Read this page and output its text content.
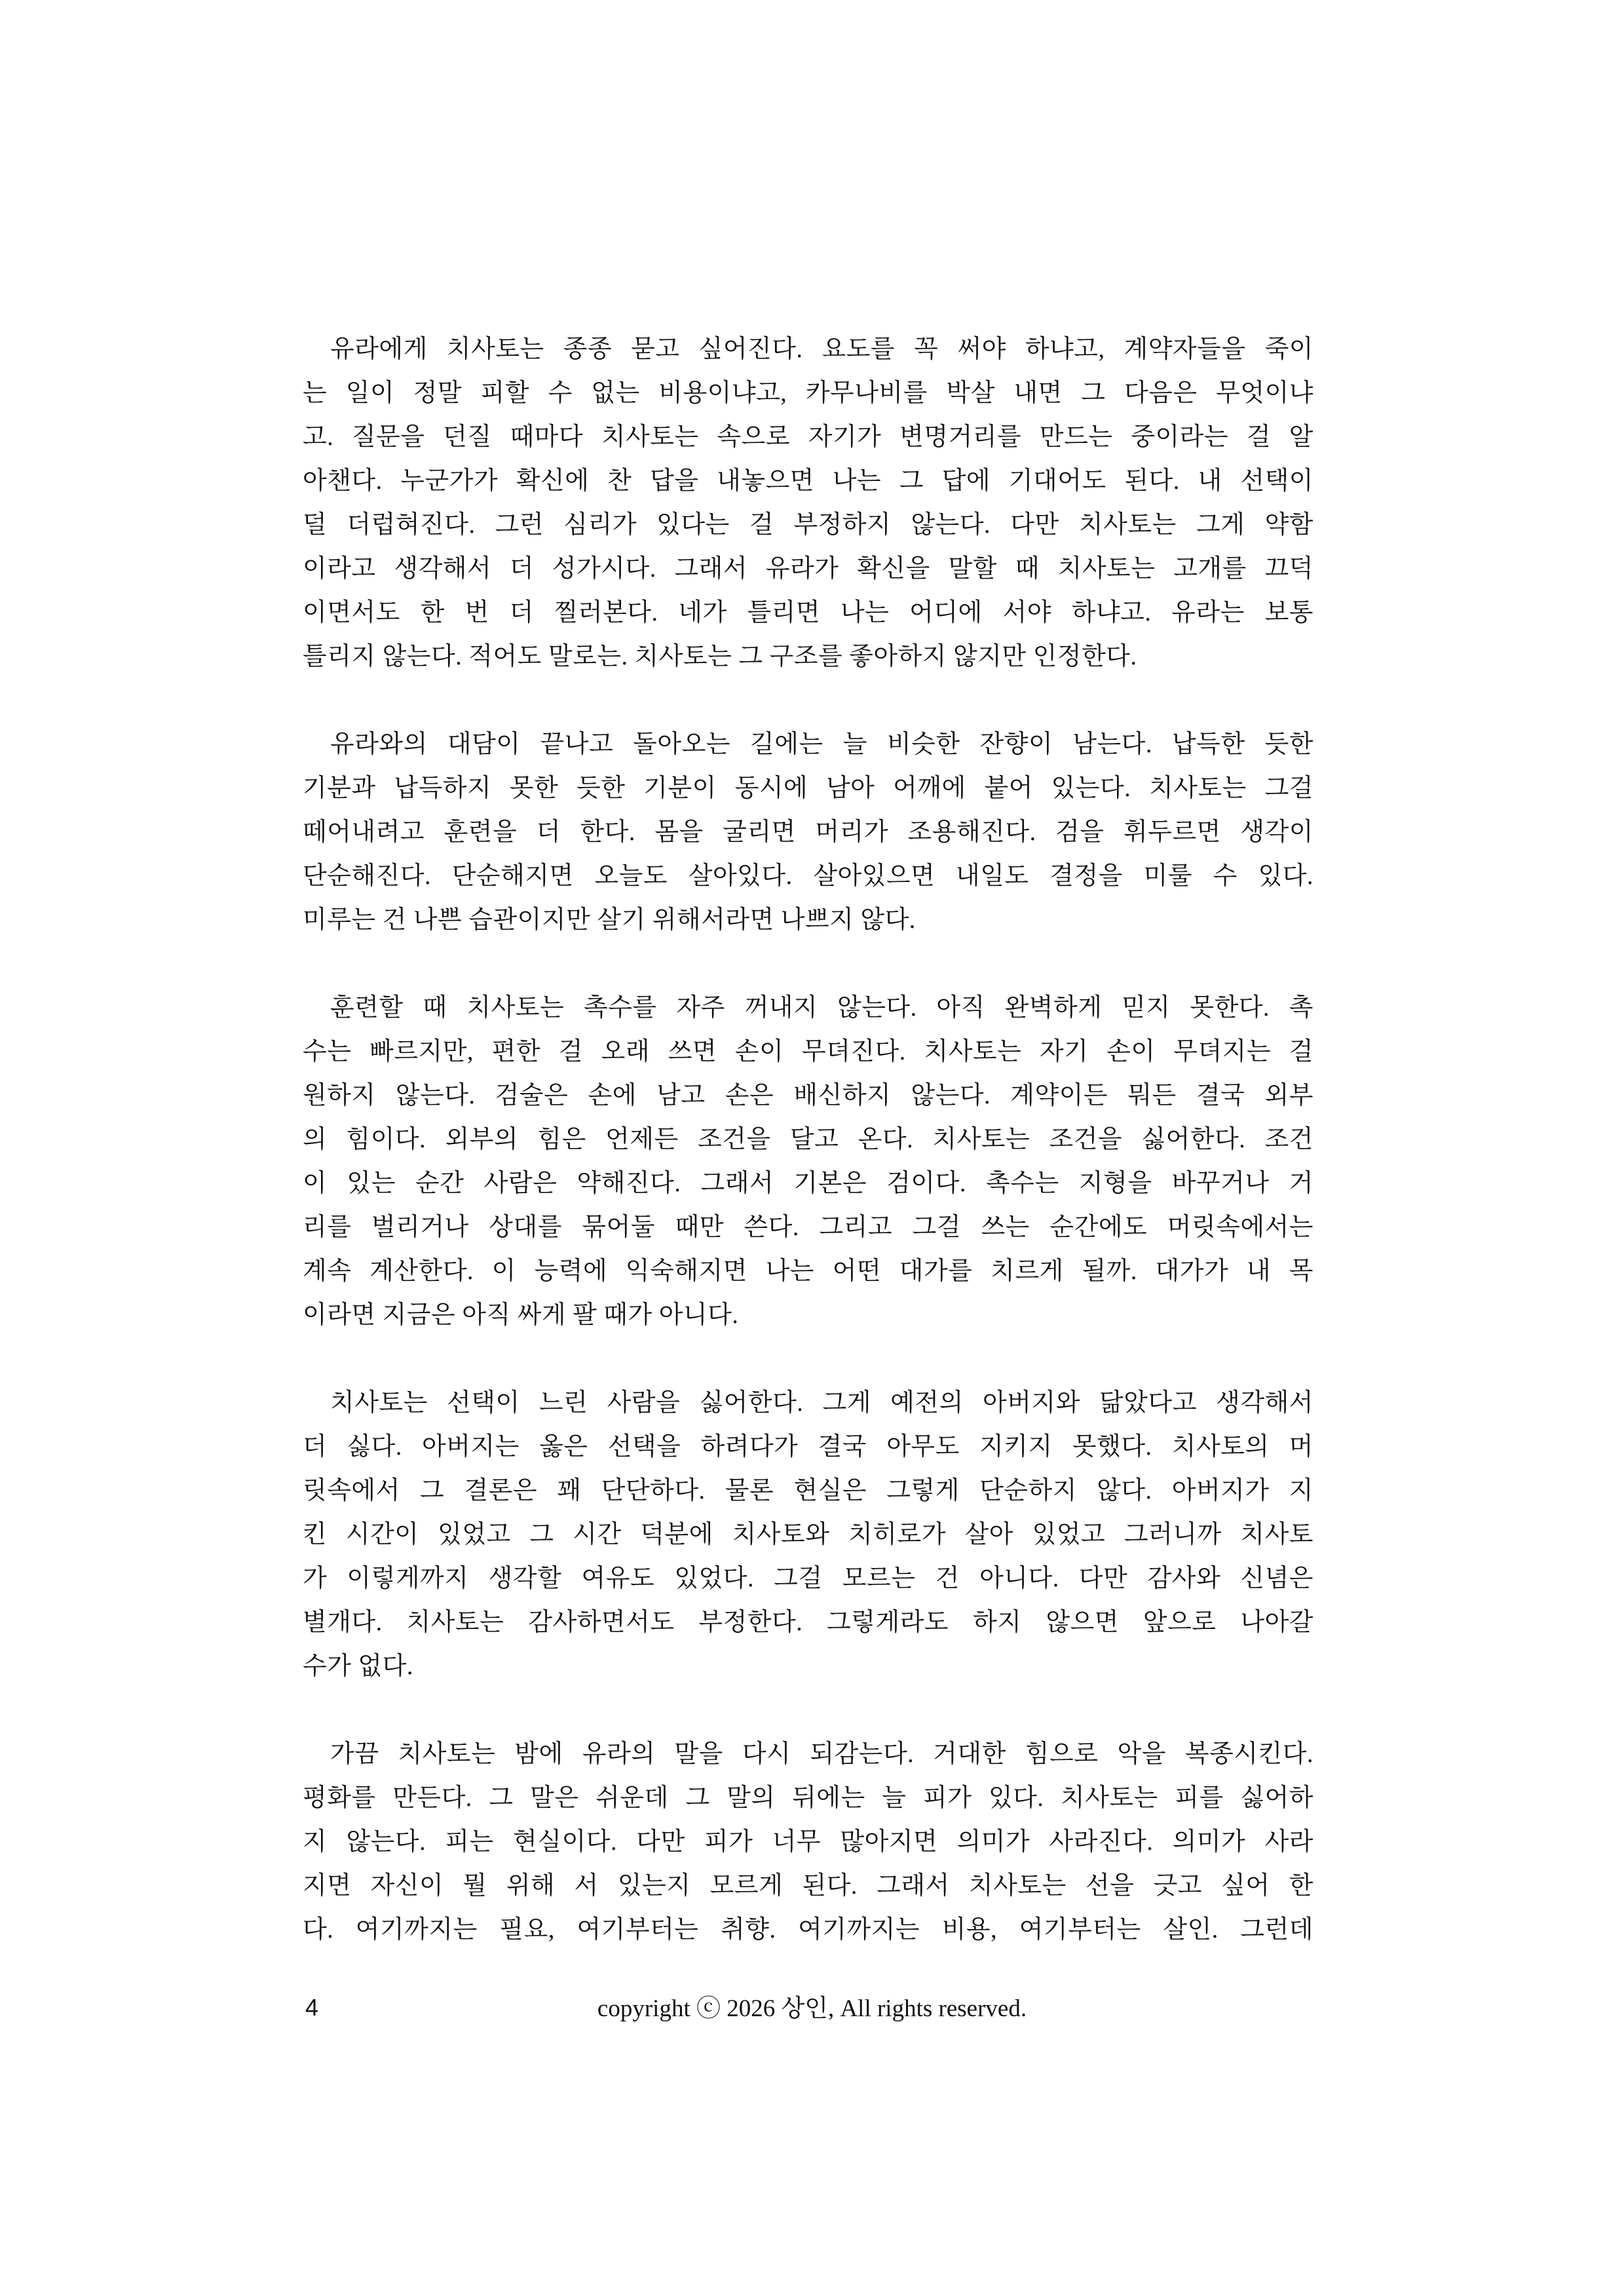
유라에게 치사토는 종종 묻고 싶어진다. 요도를 꼭 써야 하냐고, 계약자들을 죽이
는 일이 정말 피할 수 없는 비용이냐고, 카무나비를 박살 내면 그 다음은 무엇이냐
고. 질문을 던질 때마다 치사토는 속으로 자기가 변명거리를 만드는 중이라는 걸 알
아챈다. 누군가가 확신에 찬 답을 내놓으면 나는 그 답에 기대어도 된다. 내 선택이
덜 더럽혀진다. 그런 심리가 있다는 걸 부정하지 않는다. 다만 치사토는 그게 약함
이라고 생각해서 더 성가시다. 그래서 유라가 확신을 말할 때 치사토는 고개를 끄덕
이면서도 한 번 더 찔러본다. 네가 틀리면 나는 어디에 서야 하냐고. 유라는 보통
틀리지 않는다. 적어도 말로는. 치사토는 그 구조를 좋아하지 않지만 인정한다.

유라와의 대담이 끝나고 돌아오는 길에는 늘 비슷한 잔향이 남는다. 납득한 듯한
기분과 납득하지 못한 듯한 기분이 동시에 남아 어깨에 붙어 있는다. 치사토는 그걸
떼어내려고 훈련을 더 한다. 몸을 굴리면 머리가 조용해진다. 검을 휘두르면 생각이
단순해진다. 단순해지면 오늘도 살아있다. 살아있으면 내일도 결정을 미룰 수 있다.
미루는 건 나쁜 습관이지만 살기 위해서라면 나쁘지 않다.

훈련할 때 치사토는 촉수를 자주 꺼내지 않는다. 아직 완벽하게 믿지 못한다. 촉
수는 빠르지만, 편한 걸 오래 쓰면 손이 무뎌진다. 치사토는 자기 손이 무뎌지는 걸
원하지 않는다. 검술은 손에 남고 손은 배신하지 않는다. 계약이든 뭐든 결국 외부
의 힘이다. 외부의 힘은 언제든 조건을 달고 온다. 치사토는 조건을 싫어한다. 조건
이 있는 순간 사람은 약해진다. 그래서 기본은 검이다. 촉수는 지형을 바꾸거나 거
리를 벌리거나 상대를 묶어둘 때만 쓴다. 그리고 그걸 쓰는 순간에도 머릿속에서는
계속 계산한다. 이 능력에 익숙해지면 나는 어떤 대가를 치르게 될까. 대가가 내 목
이라면 지금은 아직 싸게 팔 때가 아니다.

치사토는 선택이 느린 사람을 싫어한다. 그게 예전의 아버지와 닮았다고 생각해서
더 싫다. 아버지는 옳은 선택을 하려다가 결국 아무도 지키지 못했다. 치사토의 머
릿속에서 그 결론은 꽤 단단하다. 물론 현실은 그렇게 단순하지 않다. 아버지가 지
킨 시간이 있었고 그 시간 덕분에 치사토와 치히로가 살아 있었고 그러니까 치사토
가 이렇게까지 생각할 여유도 있었다. 그걸 모르는 건 아니다. 다만 감사와 신념은
별개다. 치사토는 감사하면서도 부정한다. 그렇게라도 하지 않으면 앞으로 나아갈
수가 없다.

가끔 치사토는 밤에 유라의 말을 다시 되감는다. 거대한 힘으로 악을 복종시킨다.
평화를 만든다. 그 말은 쉬운데 그 말의 뒤에는 늘 피가 있다. 치사토는 피를 싫어하
지 않는다. 피는 현실이다. 다만 피가 너무 많아지면 의미가 사라진다. 의미가 사라
지면 자신이 뭘 위해 서 있는지 모르게 된다. 그래서 치사토는 선을 긋고 싶어 한
다. 여기까지는 필요, 여기부터는 취향. 여기까지는 비용, 여기부터는 살인. 그런데

4	copyright ⓒ 2026 상인, All rights reserved.
